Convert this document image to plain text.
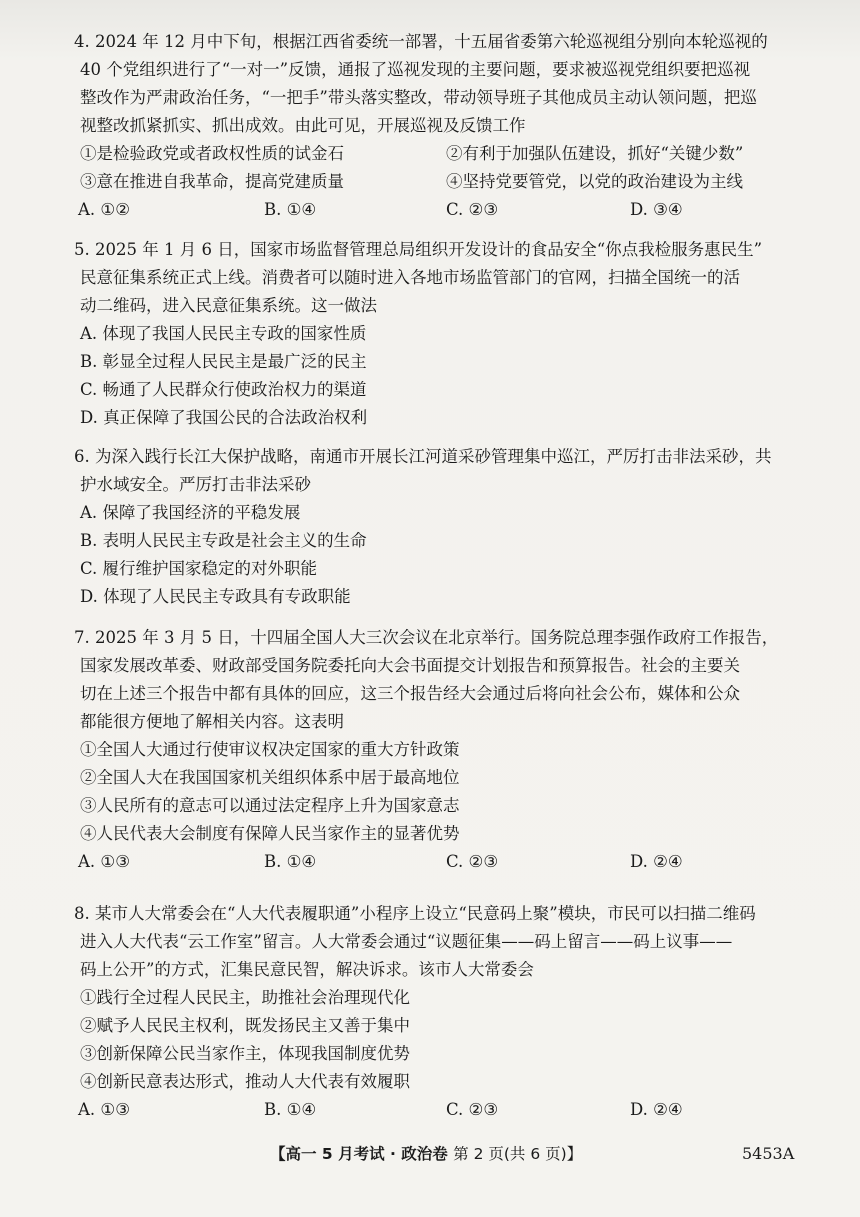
4. 2024 年 12 月中下旬，根据江西省委统一部署，十五届省委第六轮巡视组分别向本轮巡视的
40 个党组织进行了“一对一”反馈，通报了巡视发现的主要问题，要求被巡视党组织要把巡视
整改作为严肃政治任务，“一把手”带头落实整改，带动领导班子其他成员主动认领问题，把巡
视整改抓紧抓实、抓出成效。由此可见，开展巡视及反馈工作
①是检验政党或者政权性质的试金石	②有利于加强队伍建设，抓好“关键少数”
③意在推进自我革命，提高党建质量	④坚持党要管党，以党的政治建设为主线
A. ①②	B. ①④	C. ②③	D. ③④
5. 2025 年 1 月 6 日，国家市场监督管理总局组织开发设计的食品安全“你点我检服务惠民生”
民意征集系统正式上线。消费者可以随时进入各地市场监管部门的官网，扫描全国统一的活
动二维码，进入民意征集系统。这一做法
A. 体现了我国人民民主专政的国家性质
B. 彰显全过程人民民主是最广泛的民主
C. 畅通了人民群众行使政治权力的渠道
D. 真正保障了我国公民的合法政治权利
6. 为深入践行长江大保护战略，南通市开展长江河道采砂管理集中巡江，严厉打击非法采砂，共
护水域安全。严厉打击非法采砂
A. 保障了我国经济的平稳发展
B. 表明人民民主专政是社会主义的生命
C. 履行维护国家稳定的对外职能
D. 体现了人民民主专政具有专政职能
7. 2025 年 3 月 5 日，十四届全国人大三次会议在北京举行。国务院总理李强作政府工作报告，
国家发展改革委、财政部受国务院委托向大会书面提交计划报告和预算报告。社会的主要关
切在上述三个报告中都有具体的回应，这三个报告经大会通过后将向社会公布，媒体和公众
都能很方便地了解相关内容。这表明
①全国人大通过行使审议权决定国家的重大方针政策
②全国人大在我国国家机关组织体系中居于最高地位
③人民所有的意志可以通过法定程序上升为国家意志
④人民代表大会制度有保障人民当家作主的显著优势
A. ①③	B. ①④	C. ②③	D. ②④
8. 某市人大常委会在“人大代表履职通”小程序上设立“民意码上聚”模块，市民可以扫描二维码
进入人大代表“云工作室”留言。人大常委会通过“议题征集——码上留言——码上议事——
码上公开”的方式，汇集民意民智，解决诉求。该市人大常委会
①践行全过程人民民主，助推社会治理现代化
②赋予人民民主权利，既发扬民主又善于集中
③创新保障公民当家作主，体现我国制度优势
④创新民意表达形式，推动人大代表有效履职
A. ①③	B. ①④	C. ②③	D. ②④
【高一 5 月考试 · 政治卷 第 2 页(共 6 页)】	5453A
